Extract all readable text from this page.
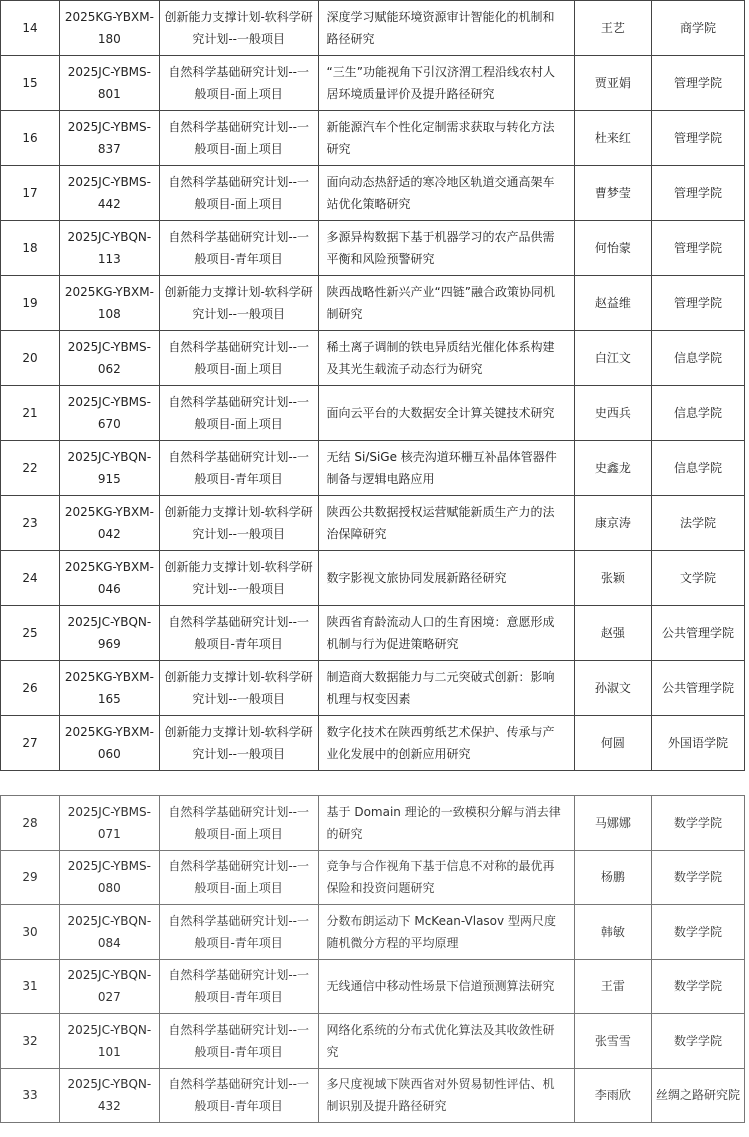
14	2025KG-YBXM-180	创新能力支撑计划-软科学研究计划--一般项目	深度学习赋能环境资源审计智能化的机制和路径研究	王艺	商学院
15	2025JC-YBMS-801	自然科学基础研究计划--一般项目-面上项目	“三生”功能视角下引汉济渭工程沿线农村人居环境质量评价及提升路径研究	贾亚娟	管理学院
16	2025JC-YBMS-837	自然科学基础研究计划--一般项目-面上项目	新能源汽车个性化定制需求获取与转化方法研究	杜来红	管理学院
17	2025JC-YBMS-442	自然科学基础研究计划--一般项目-面上项目	面向动态热舒适的寒冷地区轨道交通高架车站优化策略研究	曹梦莹	管理学院
18	2025JC-YBQN-113	自然科学基础研究计划--一般项目-青年项目	多源异构数据下基于机器学习的农产品供需平衡和风险预警研究	何怡蒙	管理学院
19	2025KG-YBXM-108	创新能力支撑计划-软科学研究计划--一般项目	陕西战略性新兴产业“四链”融合政策协同机制研究	赵益维	管理学院
20	2025JC-YBMS-062	自然科学基础研究计划--一般项目-面上项目	稀土离子调制的铁电异质结光催化体系构建及其光生载流子动态行为研究	白江文	信息学院
21	2025JC-YBMS-670	自然科学基础研究计划--一般项目-面上项目	面向云平台的大数据安全计算关键技术研究	史西兵	信息学院
22	2025JC-YBQN-915	自然科学基础研究计划--一般项目-青年项目	无结 Si/SiGe 核壳沟道环栅互补晶体管器件制备与逻辑电路应用	史鑫龙	信息学院
23	2025KG-YBXM-042	创新能力支撑计划-软科学研究计划--一般项目	陕西公共数据授权运营赋能新质生产力的法治保障研究	康京涛	法学院
24	2025KG-YBXM-046	创新能力支撑计划-软科学研究计划--一般项目	数字影视文旅协同发展新路径研究	张颖	文学院
25	2025JC-YBQN-969	自然科学基础研究计划--一般项目-青年项目	陕西省育龄流动人口的生育困境：意愿形成机制与行为促进策略研究	赵强	公共管理学院
26	2025KG-YBXM-165	创新能力支撑计划-软科学研究计划--一般项目	制造商大数据能力与二元突破式创新：影响机理与权变因素	孙淑文	公共管理学院
27	2025KG-YBXM-060	创新能力支撑计划-软科学研究计划--一般项目	数字化技术在陕西剪纸艺术保护、传承与产业化发展中的创新应用研究	何圆	外国语学院
28	2025JC-YBMS-071	自然科学基础研究计划--一般项目-面上项目	基于 Domain 理论的一致模积分解与消去律的研究	马娜娜	数学学院
29	2025JC-YBMS-080	自然科学基础研究计划--一般项目-面上项目	竞争与合作视角下基于信息不对称的最优再保险和投资问题研究	杨鹏	数学学院
30	2025JC-YBQN-084	自然科学基础研究计划--一般项目-青年项目	分数布朗运动下 McKean-Vlasov 型两尺度随机微分方程的平均原理	韩敏	数学学院
31	2025JC-YBQN-027	自然科学基础研究计划--一般项目-青年项目	无线通信中移动性场景下信道预测算法研究	王雷	数学学院
32	2025JC-YBQN-101	自然科学基础研究计划--一般项目-青年项目	网络化系统的分布式优化算法及其收敛性研究	张雪雪	数学学院
33	2025JC-YBQN-432	自然科学基础研究计划--一般项目-青年项目	多尺度视域下陕西省对外贸易韧性评估、机制识别及提升路径研究	李雨欣	丝绸之路研究院
